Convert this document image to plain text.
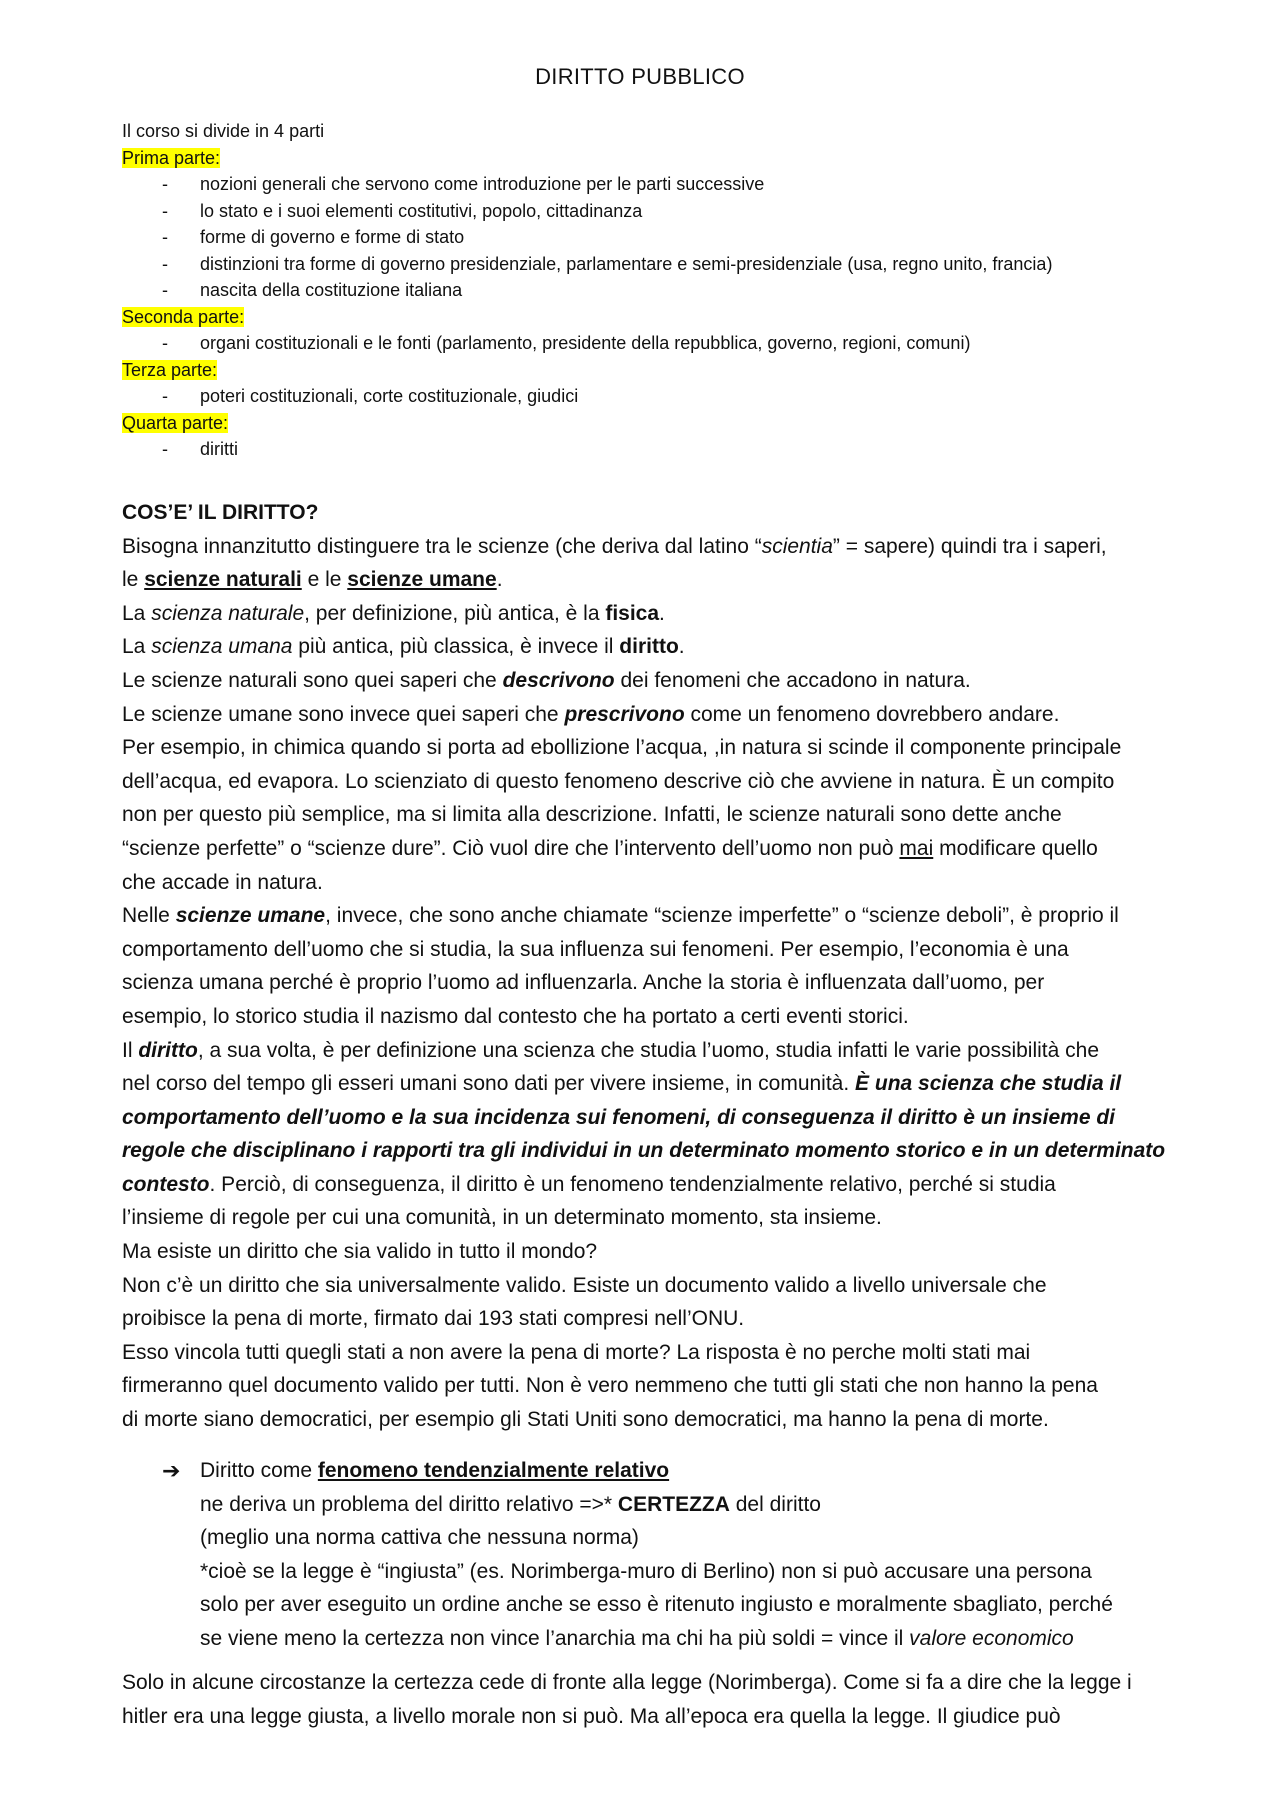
DIRITTO PUBBLICO
Il corso si divide in 4 parti
Prima parte:
- nozioni generali che servono come introduzione per le parti successive
- lo stato e i suoi elementi costitutivi, popolo, cittadinanza
- forme di governo e forme di stato
- distinzioni tra forme di governo presidenziale, parlamentare e semi-presidenziale (usa, regno unito, francia)
- nascita della costituzione italiana
Seconda parte:
- organi costituzionali e le fonti (parlamento, presidente della repubblica, governo, regioni, comuni)
Terza parte:
- poteri costituzionali, corte costituzionale, giudici
Quarta parte:
- diritti
COS’E’ IL DIRITTO?
Bisogna innanzitutto distinguere tra le scienze (che deriva dal latino “scientia” = sapere) quindi tra i saperi,
le scienze naturali e le scienze umane.
La scienza naturale, per definizione, più antica, è la fisica.
La scienza umana più antica, più classica, è invece il diritto.
Le scienze naturali sono quei saperi che descrivono dei fenomeni che accadono in natura.
Le scienze umane sono invece quei saperi che prescrivono come un fenomeno dovrebbero andare.
Per esempio, in chimica quando si porta ad ebollizione l’acqua, ,in natura si scinde il componente principale
dell’acqua, ed evapora. Lo scienziato di questo fenomeno descrive ciò che avviene in natura. È un compito
non per questo più semplice, ma si limita alla descrizione. Infatti, le scienze naturali sono dette anche
“scienze perfette” o “scienze dure”. Ciò vuol dire che l’intervento dell’uomo non può mai modificare quello
che accade in natura.
Nelle scienze umane, invece, che sono anche chiamate “scienze imperfette” o “scienze deboli”, è proprio il
comportamento dell’uomo che si studia, la sua influenza sui fenomeni. Per esempio, l’economia è una
scienza umana perché è proprio l’uomo ad influenzarla. Anche la storia è influenzata dall’uomo, per
esempio, lo storico studia il nazismo dal contesto che ha portato a certi eventi storici.
Il diritto, a sua volta, è per definizione una scienza che studia l’uomo, studia infatti le varie possibilità che
nel corso del tempo gli esseri umani sono dati per vivere insieme, in comunità. È una scienza che studia il
comportamento dell’uomo e la sua incidenza sui fenomeni, di conseguenza il diritto è un insieme di
regole che disciplinano i rapporti tra gli individui in un determinato momento storico e in un determinato
contesto. Perciò, di conseguenza, il diritto è un fenomeno tendenzialmente relativo, perché si studia
l’insieme di regole per cui una comunità, in un determinato momento, sta insieme.
Ma esiste un diritto che sia valido in tutto il mondo?
Non c’è un diritto che sia universalmente valido. Esiste un documento valido a livello universale che
proibisce la pena di morte, firmato dai 193 stati compresi nell’ONU.
Esso vincola tutti quegli stati a non avere la pena di morte? La risposta è no perche molti stati mai
firmeranno quel documento valido per tutti. Non è vero nemmeno che tutti gli stati che non hanno la pena
di morte siano democratici, per esempio gli Stati Uniti sono democratici, ma hanno la pena di morte.
➔ Diritto come fenomeno tendenzialmente relativo
ne deriva un problema del diritto relativo =>* CERTEZZA del diritto
(meglio una norma cattiva che nessuna norma)
*cioè se la legge è “ingiusta” (es. Norimberga-muro di Berlino) non si può accusare una persona
solo per aver eseguito un ordine anche se esso è ritenuto ingiusto e moralmente sbagliato, perché
se viene meno la certezza non vince l’anarchia ma chi ha più soldi = vince il valore economico
Solo in alcune circostanze la certezza cede di fronte alla legge (Norimberga). Come si fa a dire che la legge i
hitler era una legge giusta, a livello morale non si può. Ma all’epoca era quella la legge. Il giudice può
